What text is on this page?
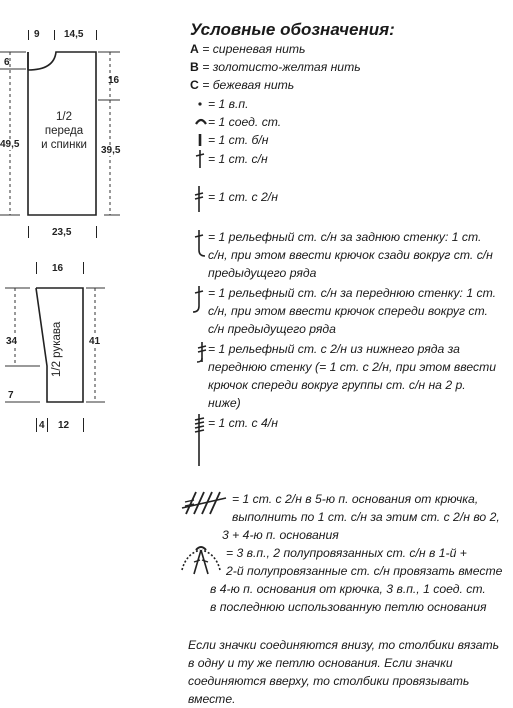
9 14,5
6
16
49,5
39,5
1/2
переда
и спинки
23,5
16
34	41
7
1/2 рукава
4 12
Условные обозначения:
A = сиреневая нить
B = золотисто-желтая нить
C = бежевая нить
= 1 в.п.
= 1 соед. ст.
= 1 ст. б/н
= 1 ст. с/н
= 1 ст. с 2/н
= 1 рельефный ст. с/н за заднюю стенку: 1 ст.
с/н, при этом ввести крючок сзади вокруг ст. с/н
предыдущего ряда
= 1 рельефный ст. с/н за переднюю стенку: 1 ст.
с/н, при этом ввести крючок спереди вокруг ст.
с/н предыдущего ряда
= 1 рельефный ст. с 2/н из нижнего ряда за
переднюю стенку (= 1 ст. с 2/н, при этом ввести
крючок спереди вокруг группы ст. с/н на 2 р.
ниже)
= 1 ст. с 4/н
= 1 ст. с 2/н в 5-ю п. основания от крючка,
выполнить по 1 ст. с/н за этим ст. с 2/н во 2,
3 + 4-ю п. основания
= 3 в.п., 2 полупровязанных ст. с/н в 1-й +
2-й полупровязанные ст. с/н провязать вместе
в 4-ю п. основания от крючка, 3 в.п., 1 соед. ст.
в последнюю использованную петлю основания
Если значки соединяются внизу, то столбики вязать
в одну и ту же петлю основания. Если значки
соединяются вверху, то столбики провязывать вместе.
